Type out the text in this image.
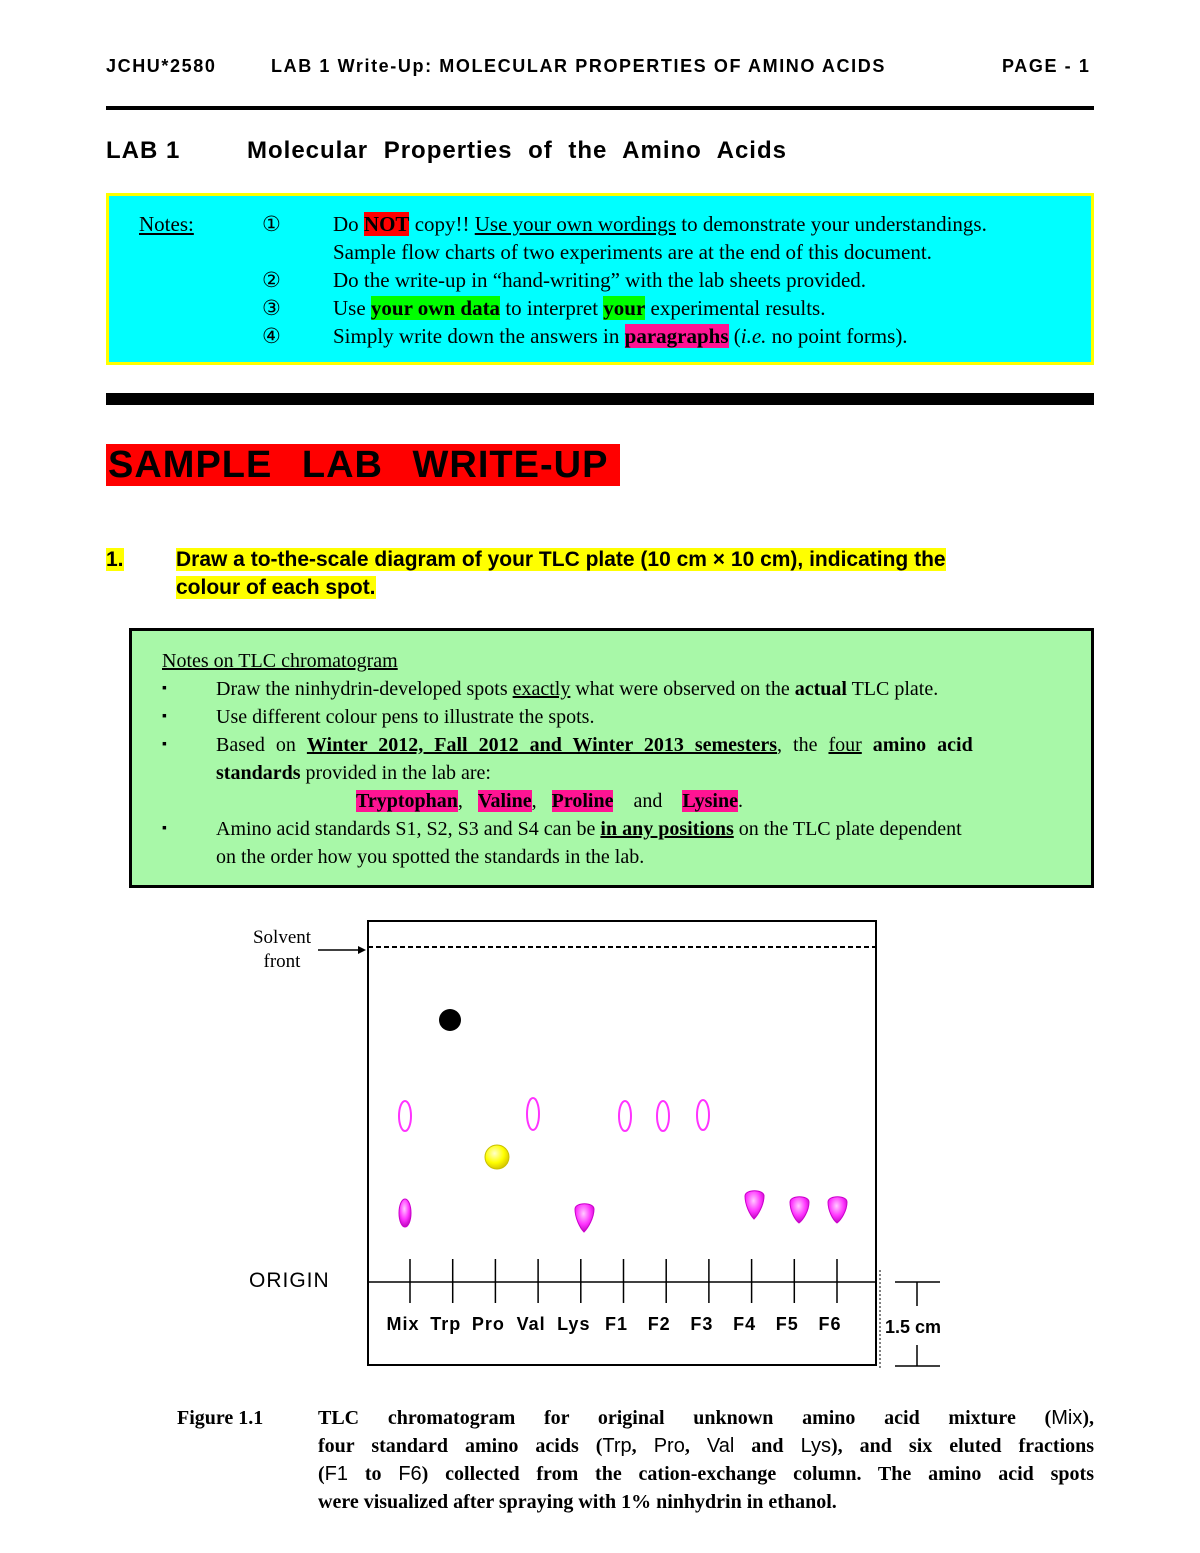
JCHU*2580	LAB 1 Write-Up: MOLECULAR PROPERTIES OF AMINO ACIDS	PAGE - 1
LAB 1	Molecular Properties of the Amino Acids
Notes:	① Do NOT copy!! Use your own wordings to demonstrate your understandings.
Sample flow charts of two experiments are at the end of this document.
② Do the write-up in “hand-writing” with the lab sheets provided.
③ Use your own data to interpret your experimental results.
④ Simply write down the answers in paragraphs (i.e. no point forms).
SAMPLE LAB WRITE-UP
1. Draw a to-the-scale diagram of your TLC plate (10 cm × 10 cm), indicating the
colour of each spot.
Notes on TLC chromatogram
▪ Draw the ninhydrin-developed spots exactly what were observed on the actual TLC plate.
▪ Use different colour pens to illustrate the spots.
▪ Based on Winter 2012, Fall 2012 and Winter 2013 semesters, the four amino acid
standards provided in the lab are:
Tryptophan, Valine, Proline and Lysine.
▪ Amino acid standards S1, S2, S3 and S4 can be in any positions on the TLC plate dependent
on the order how you spotted the standards in the lab.
Solvent
front
ORIGIN
Mix Trp Pro Val Lys F1 F2 F3 F4 F5 F6 1.5 cm
Figure 1.1	TLC chromatogram for original unknown amino acid mixture (Mix),
four standard amino acids (Trp, Pro, Val and Lys), and six eluted fractions
(F1 to F6) collected from the cation-exchange column. The amino acid spots
were visualized after spraying with 1% ninhydrin in ethanol.
